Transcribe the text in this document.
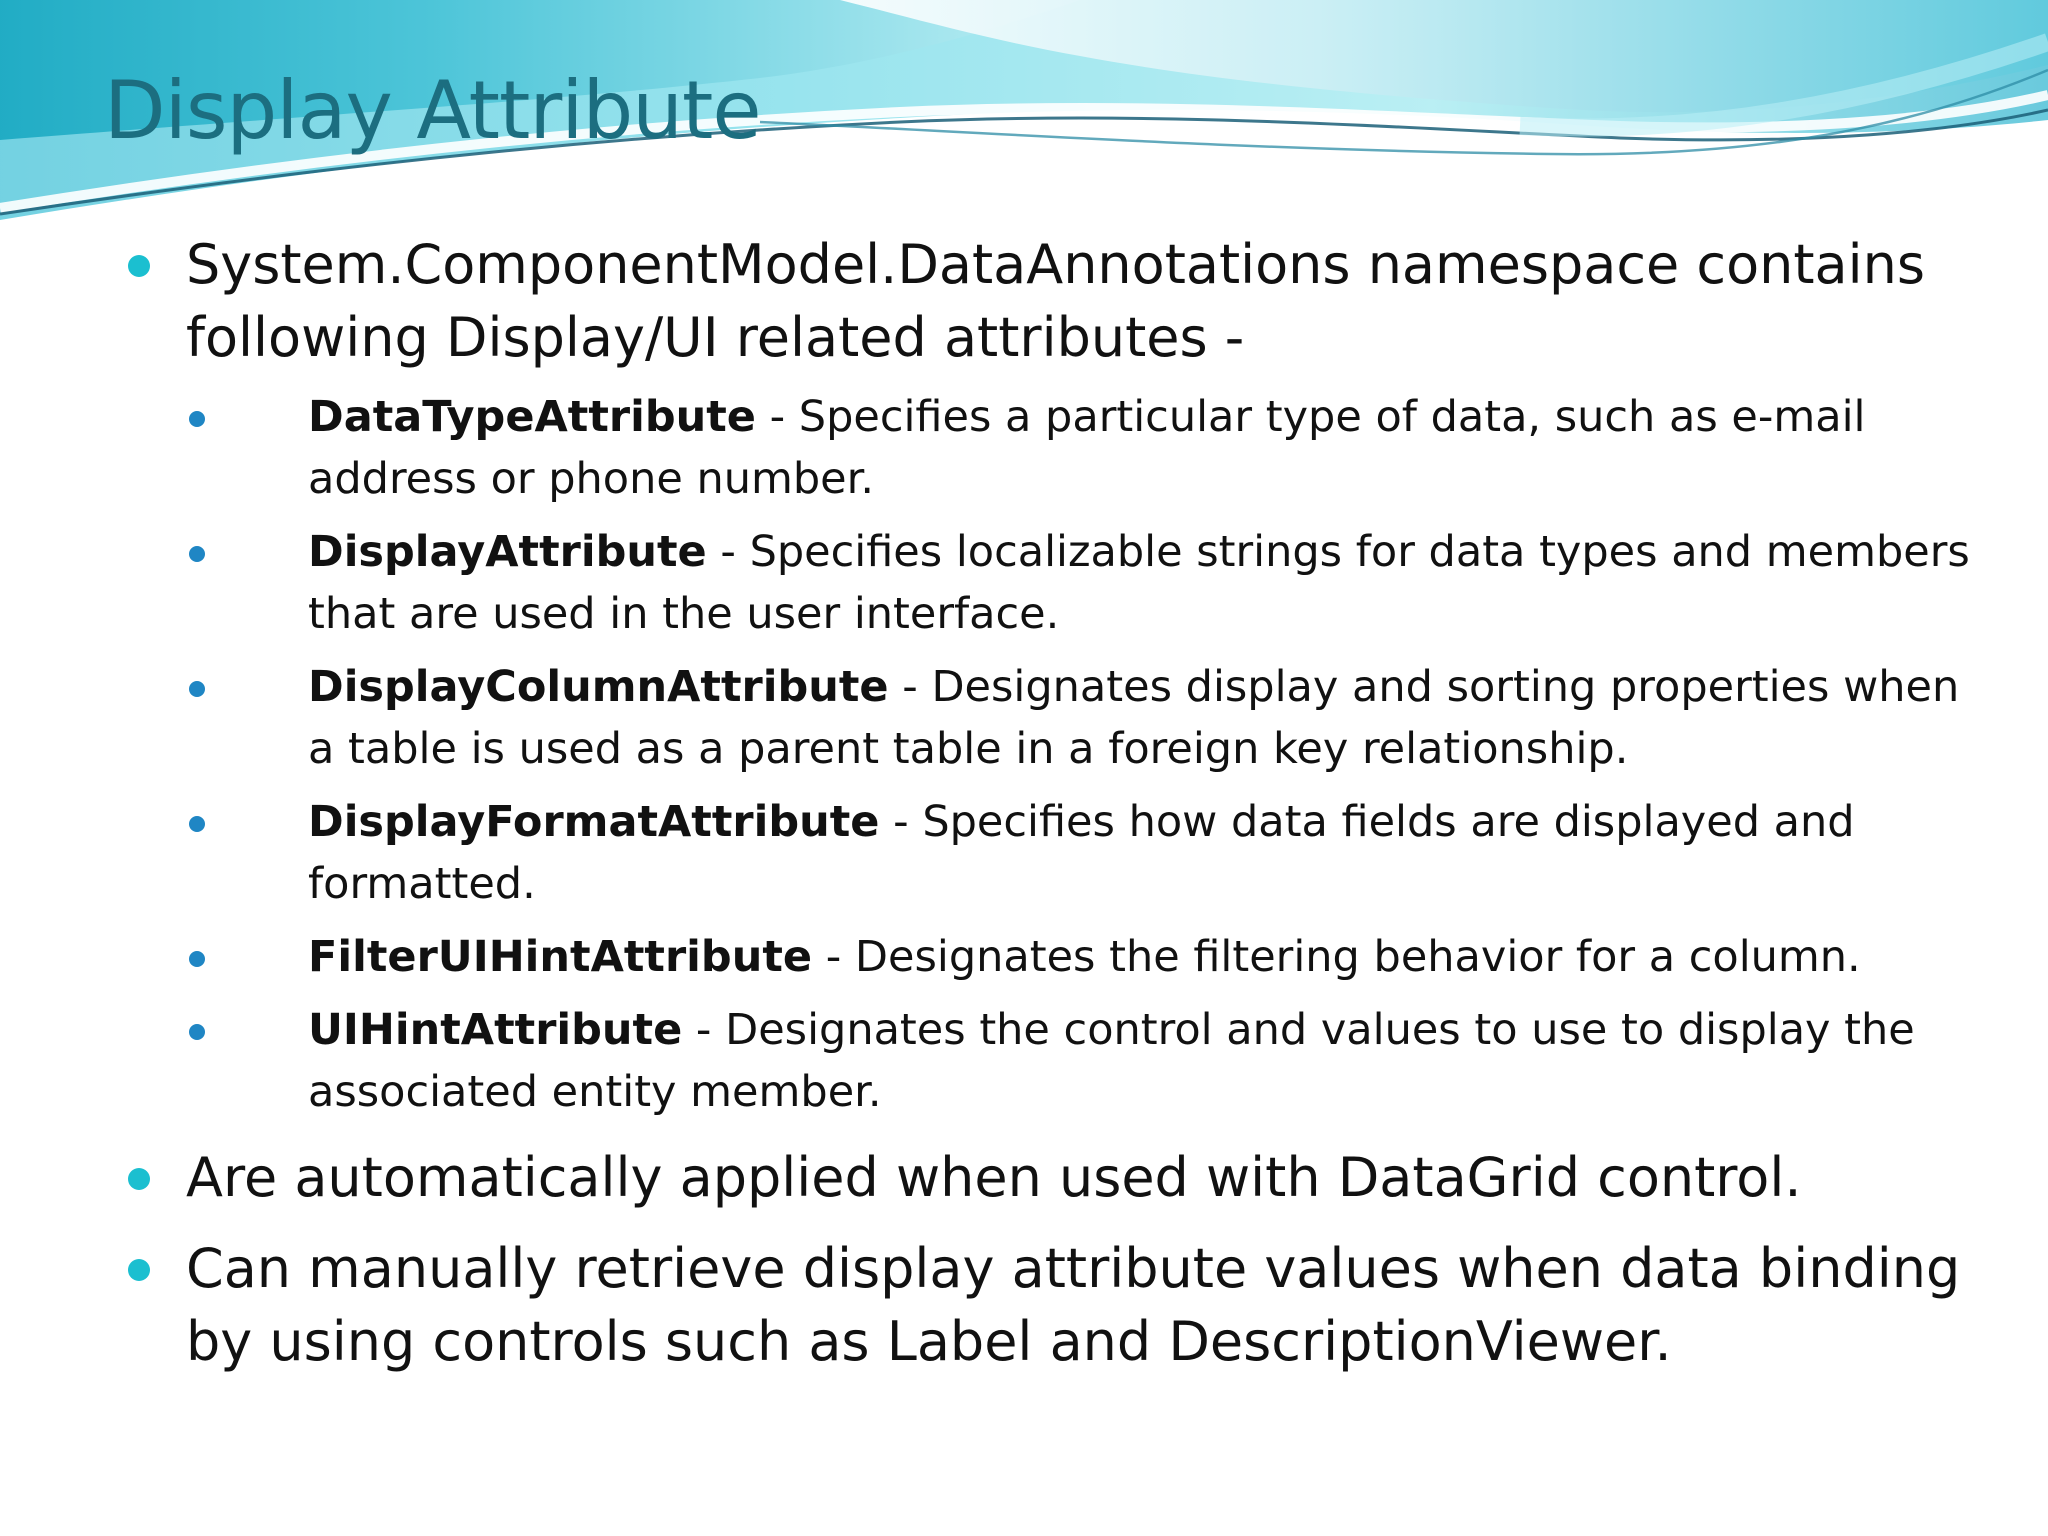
Display Attribute
System.ComponentModel.DataAnnotations namespace contains following Display/UI related attributes -
DataTypeAttribute - Specifies a particular type of data, such as e-mail address or phone number.
DisplayAttribute - Specifies localizable strings for data types and members that are used in the user interface.
DisplayColumnAttribute - Designates display and sorting properties when a table is used as a parent table in a foreign key relationship.
DisplayFormatAttribute - Specifies how data fields are displayed and formatted.
FilterUIHintAttribute - Designates the filtering behavior for a column.
UIHintAttribute - Designates the control and values to use to display the associated entity member.
Are automatically applied when used with DataGrid control.
Can manually retrieve display attribute values when data binding by using controls such as Label and DescriptionViewer.
